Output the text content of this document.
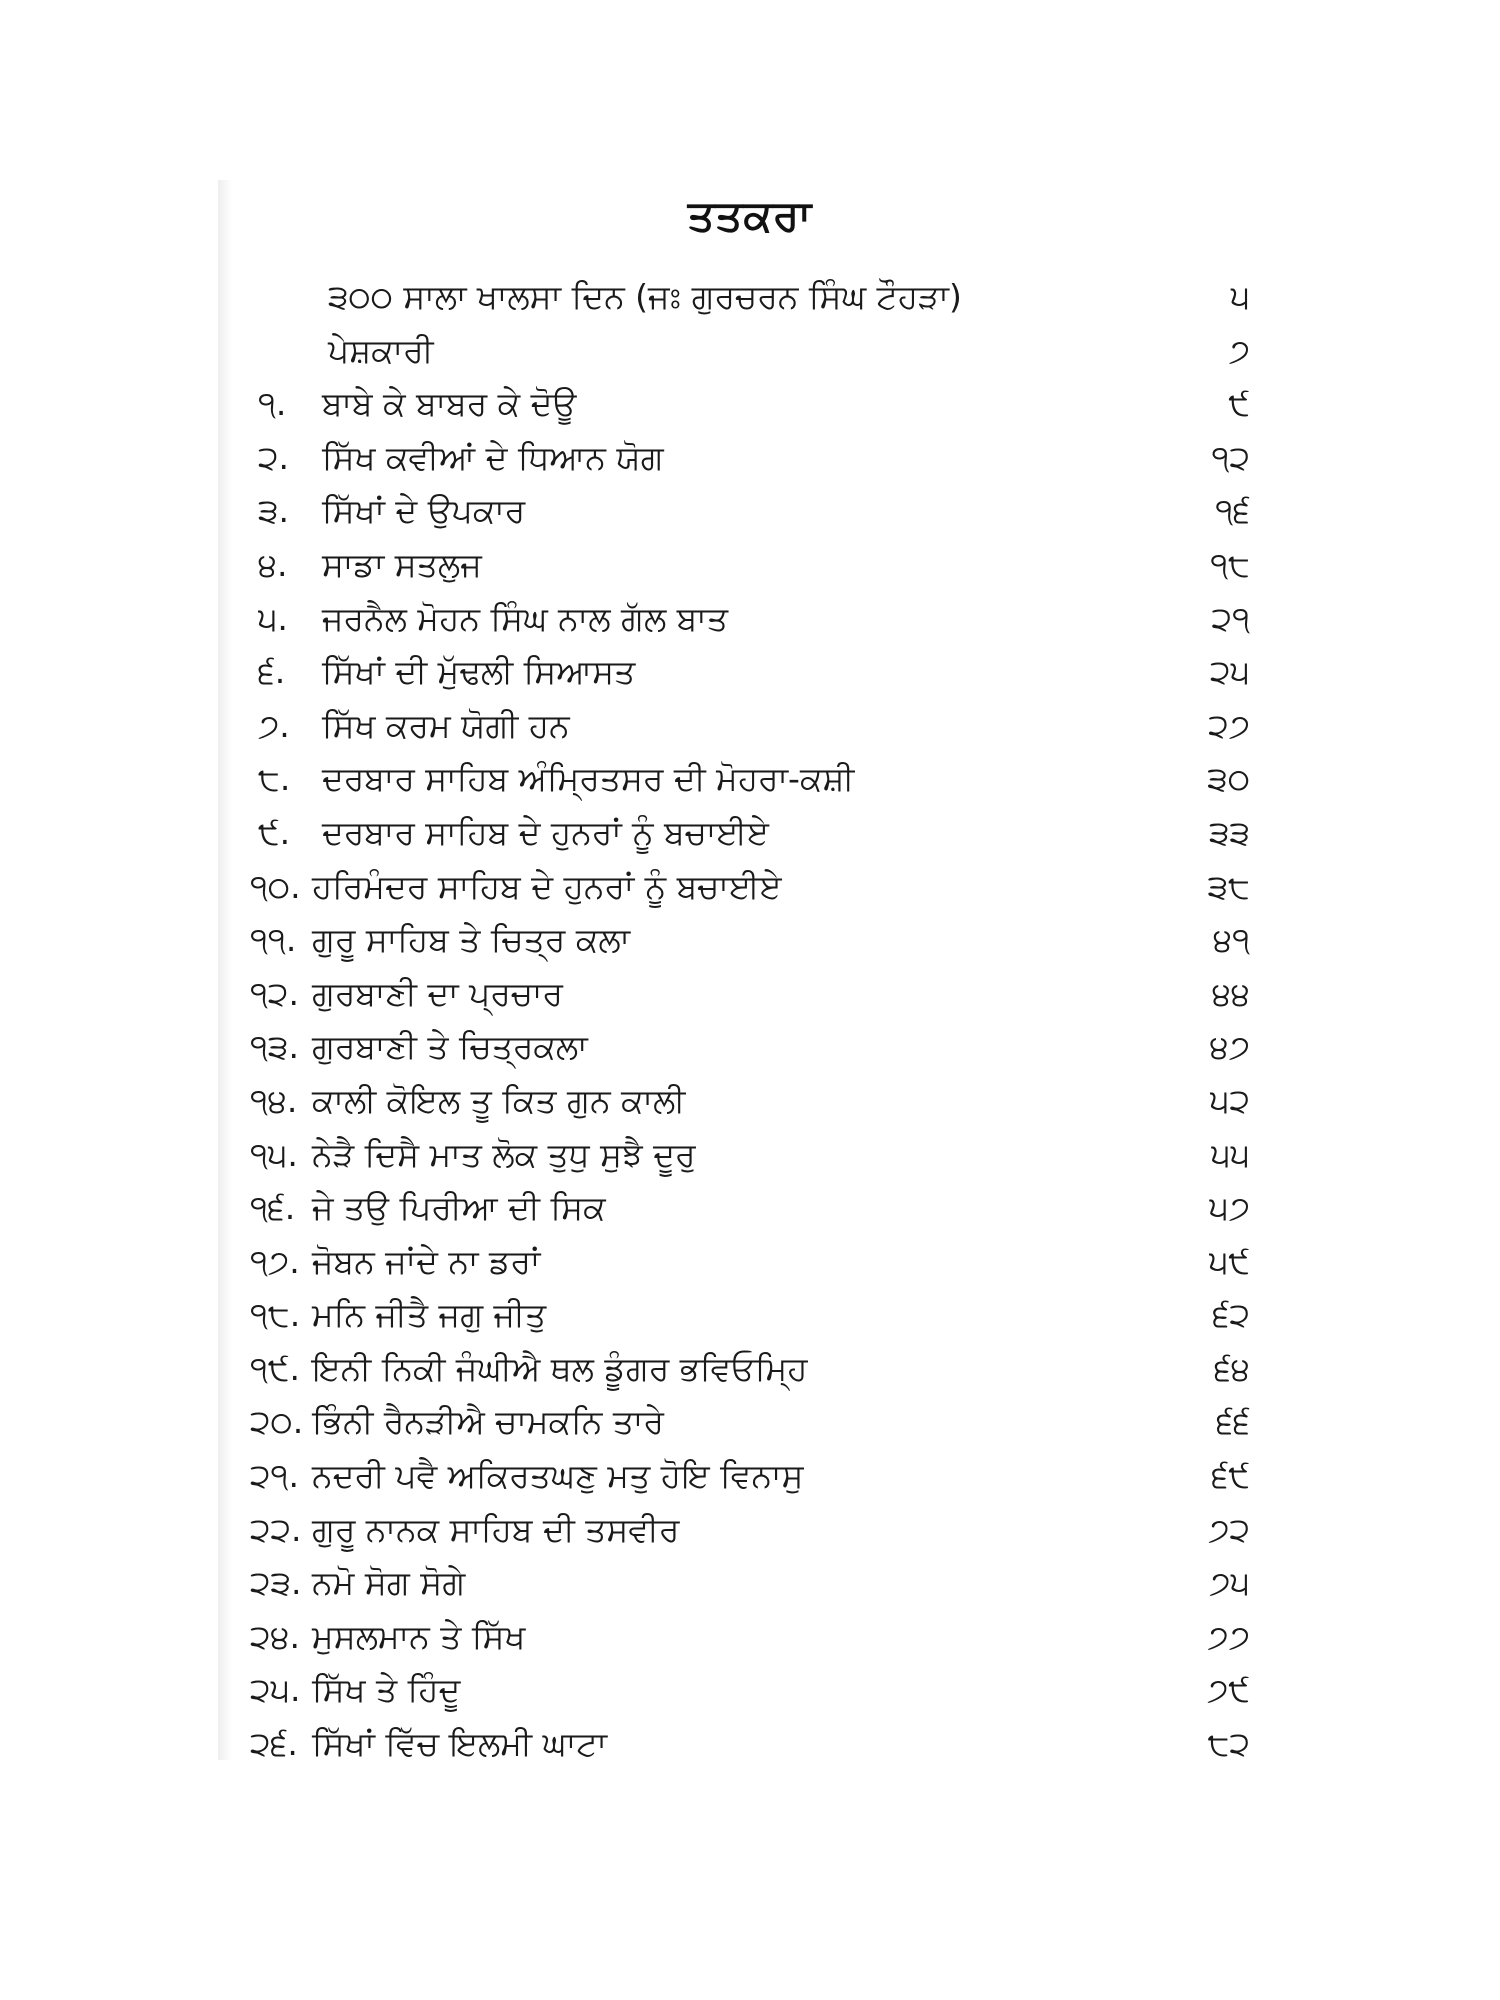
ਤਤਕਰਾ
੩੦੦ ਸਾਲਾ ਖਾਲਸਾ ਦਿਨ (ਜਃ ਗੁਰਚਰਨ ਸਿੰਘ ਟੌਹੜਾ)	੫
ਪੇਸ਼ਕਾਰੀ	੭
੧.	ਬਾਬੇ ਕੇ ਬਾਬਰ ਕੇ ਦੋਊ	੯
੨. ਸਿੱਖ ਕਵੀਆਂ ਦੇ ਧਿਆਨ ਯੋਗ	੧੨
੩. ਸਿੱਖਾਂ ਦੇ ਉਪਕਾਰ	੧੬
੪.	ਸਾਡਾ ਸਤਲੁਜ	੧੮
੫.	ਜਰਨੈਲ ਮੋਹਨ ਸਿੰਘ ਨਾਲ ਗੱਲ ਬਾਤ	੨੧
੬.	ਸਿੱਖਾਂ ਦੀ ਮੁੱਢਲੀ ਸਿਆਸਤ	੨੫
੭. ਸਿੱਖ ਕਰਮ ਯੋਗੀ ਹਨ	੨੭
੮. ਦਰਬਾਰ ਸਾਹਿਬ ਅੰਮ੍ਰਿਤਸਰ ਦੀ ਮੋਹਰਾ-ਕਸ਼ੀ	੩੦
੯. ਦਰਬਾਰ ਸਾਹਿਬ ਦੇ ਹੁਨਰਾਂ ਨੂੰ ਬਚਾਈਏ	੩੩
੧੦. ਹਰਿਮੰਦਰ ਸਾਹਿਬ ਦੇ ਹੁਨਰਾਂ ਨੂੰ ਬਚਾਈਏ	੩੮
੧੧. ਗੁਰੂ ਸਾਹਿਬ ਤੇ ਚਿਤ੍ਰ ਕਲਾ	੪੧
੧੨. ਗੁਰਬਾਣੀ ਦਾ ਪ੍ਰਚਾਰ	੪੪
੧੩. ਗੁਰਬਾਣੀ ਤੇ ਚਿਤ੍ਰਕਲਾ	੪੭
੧੪. ਕਾਲੀ ਕੋਇਲ ਤੂ ਕਿਤ ਗੁਨ ਕਾਲੀ	੫੨
੧੫. ਨੇੜੈ ਦਿਸੈ ਮਾਤ ਲੋਕ ਤੁਧੁ ਸੁਝੈ ਦੂਰੁ	੫੫
੧੬. ਜੇ ਤਉ ਪਿਰੀਆ ਦੀ ਸਿਕ	੫੭
੧੭. ਜੋਬਨ ਜਾਂਦੇ ਨਾ ਡਰਾਂ	੫੯
੧੮. ਮਨਿ ਜੀਤੈ ਜਗੁ ਜੀਤੁ	੬੨
੧੯. ਇਨੀ ਨਿਕੀ ਜੰਘੀਐ ਥਲ ਡੂੰਗਰ ਭਵਿਓਮ੍ਹਿ	੬੪
੨੦. ਭਿੰਨੀ ਰੈਨੜੀਐ ਚਾਮਕਨਿ ਤਾਰੇ	੬੬
੨੧. ਨਦਰੀ ਪਵੈ ਅਕਿਰਤਘਣੁ ਮਤੁ ਹੋਇ ਵਿਨਾਸੁ	੬੯
੨੨. ਗੁਰੂ ਨਾਨਕ ਸਾਹਿਬ ਦੀ ਤਸਵੀਰ	੭੨
੨੩. ਨਮੋ ਸੋਗ ਸੋਗੇ	੭੫
੨੪. ਮੁਸਲਮਾਨ ਤੇ ਸਿੱਖ	੭੭
੨੫. ਸਿੱਖ ਤੇ ਹਿੰਦੂ	੭੯
੨੬. ਸਿੱਖਾਂ ਵਿੱਚ ਇਲਮੀ ਘਾਟਾ	੮੨
